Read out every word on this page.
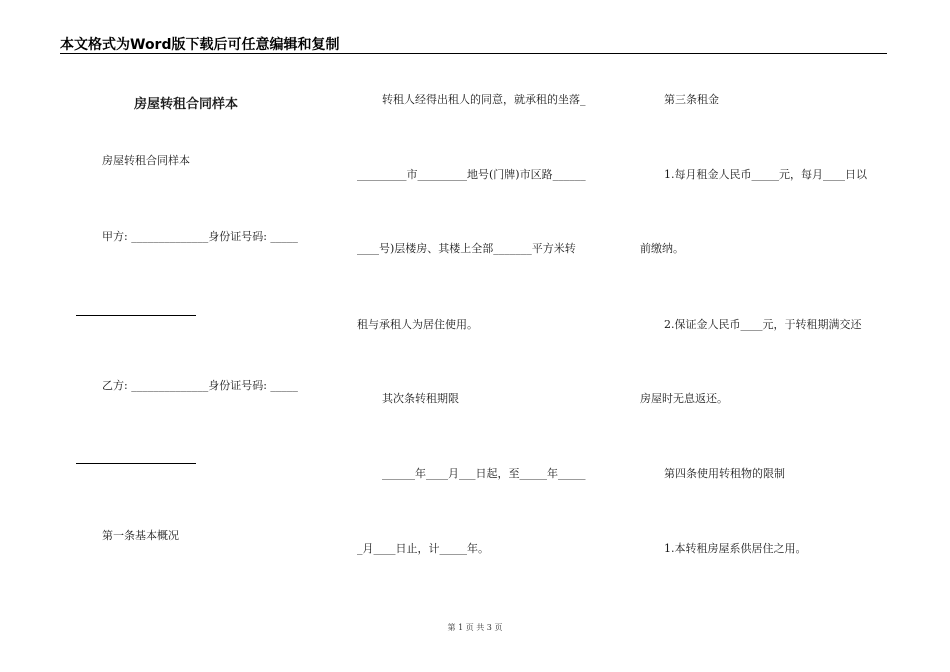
本文格式为Word版下载后可任意编辑和复制
房屋转租合同样本
房屋转租合同样本
甲方: ______________身份证号码: _____
乙方: ______________身份证号码: _____
第一条基本概况
转租人经得出租人的同意，就承租的坐落_
_________市_________地号(门牌)市区路______
____号)层楼房、其楼上全部_______平方米转
租与承租人为居住使用。
其次条转租期限
______年____月___日起，至_____年_____
_月____日止，计_____年。
第三条租金
1.每月租金人民币_____元，每月____日以
前缴纳。
2.保证金人民币____元，于转租期满交还
房屋时无息返还。
第四条使用转租物的限制
1.本转租房屋系供居住之用。
第 1 页 共 3 页
